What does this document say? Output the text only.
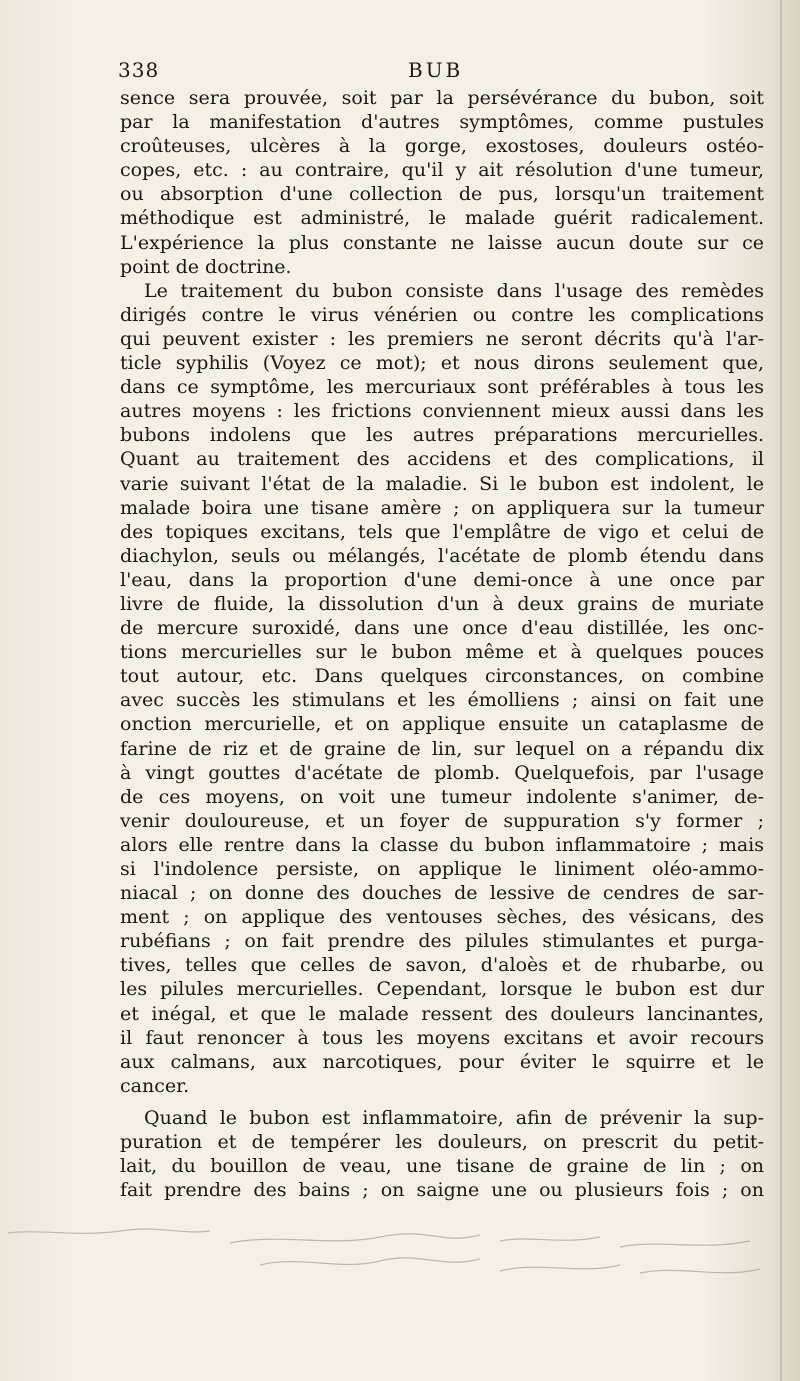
338	BUB
sence sera prouvée, soit par la persévérance du bubon, soit
par la manifestation d'autres symptômes, comme pustules
croûteuses, ulcères à la gorge, exostoses, douleurs ostéo-
copes, etc. : au contraire, qu'il y ait résolution d'une tumeur,
ou absorption d'une collection de pus, lorsqu'un traitement
méthodique est administré, le malade guérit radicalement.
L'expérience la plus constante ne laisse aucun doute sur ce
point de doctrine.
Le traitement du bubon consiste dans l'usage des remèdes
dirigés contre le virus vénérien ou contre les complications
qui peuvent exister : les premiers ne seront décrits qu'à l'ar-
ticle syphilis (Voyez ce mot); et nous dirons seulement que,
dans ce symptôme, les mercuriaux sont préférables à tous les
autres moyens : les frictions conviennent mieux aussi dans les
bubons indolens que les autres préparations mercurielles.
Quant au traitement des accidens et des complications, il
varie suivant l'état de la maladie. Si le bubon est indolent, le
malade boira une tisane amère ; on appliquera sur la tumeur
des topiques excitans, tels que l'emplâtre de vigo et celui de
diachylon, seuls ou mélangés, l'acétate de plomb étendu dans
l'eau, dans la proportion d'une demi-once à une once par
livre de fluide, la dissolution d'un à deux grains de muriate
de mercure suroxidé, dans une once d'eau distillée, les onc-
tions mercurielles sur le bubon même et à quelques pouces
tout autour, etc. Dans quelques circonstances, on combine
avec succès les stimulans et les émolliens ; ainsi on fait une
onction mercurielle, et on applique ensuite un cataplasme de
farine de riz et de graine de lin, sur lequel on a répandu dix
à vingt gouttes d'acétate de plomb. Quelquefois, par l'usage
de ces moyens, on voit une tumeur indolente s'animer, de-
venir douloureuse, et un foyer de suppuration s'y former ;
alors elle rentre dans la classe du bubon inflammatoire ; mais
si l'indolence persiste, on applique le liniment oléo-ammo-
niacal ; on donne des douches de lessive de cendres de sar-
ment ; on applique des ventouses sèches, des vésicans, des
rubéfians ; on fait prendre des pilules stimulantes et purga-
tives, telles que celles de savon, d'aloès et de rhubarbe, ou
les pilules mercurielles. Cependant, lorsque le bubon est dur
et inégal, et que le malade ressent des douleurs lancinantes,
il faut renoncer à tous les moyens excitans et avoir recours
aux calmans, aux narcotiques, pour éviter le squirre et le
cancer.
Quand le bubon est inflammatoire, afin de prévenir la sup-
puration et de tempérer les douleurs, on prescrit du petit-
lait, du bouillon de veau, une tisane de graine de lin ; on
fait prendre des bains ; on saigne une ou plusieurs fois ; on
